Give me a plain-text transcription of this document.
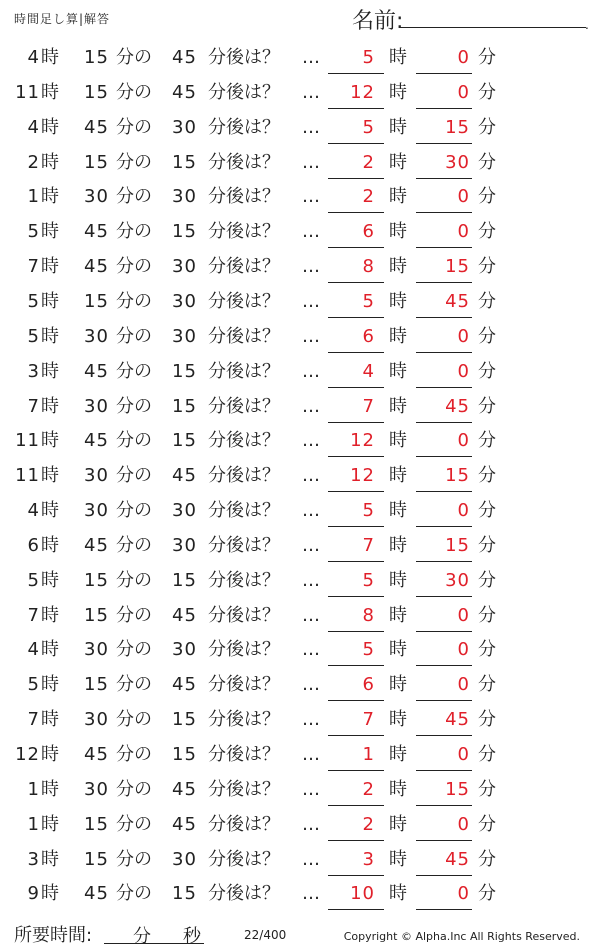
時間足し算|解答	名前:	.
4 時 15 分の 45 分後は？ … 5 時	0 分
11 時 15 分の 45 分後は？ … 12 時	0 分
4 時 45 分の 30 分後は？ … 5 時 15 分
2 時 15 分の 15 分後は？ … 2 時 30 分
1 時 30 分の 30 分後は？ … 2 時	0 分
5 時 45 分の 15 分後は？ … 6 時	0 分
7 時 45 分の 30 分後は？ … 8 時 15 分
5 時 15 分の 30 分後は？ … 5 時 45 分
5 時 30 分の 30 分後は？ … 6 時	0 分
3 時 45 分の 15 分後は？ … 4 時	0 分
7 時 30 分の 15 分後は？ … 7 時 45 分
11 時 45 分の 15 分後は？ … 12 時	0 分
11 時 30 分の 45 分後は？ … 12 時 15 分
4 時 30 分の 30 分後は？ … 5 時	0 分
6 時 45 分の 30 分後は？ … 7 時 15 分
5 時 15 分の 15 分後は？ … 5 時 30 分
7 時 15 分の 45 分後は？ … 8 時	0 分
4 時 30 分の 30 分後は？ … 5 時	0 分
5 時 15 分の 45 分後は？ … 6 時	0 分
7 時 30 分の 15 分後は？ … 7 時 45 分
12 時 45 分の 15 分後は？ … 1 時	0 分
1 時 30 分の 45 分後は？ … 2 時 15 分
1 時 15 分の 45 分後は？ … 2 時	0 分
3 時 15 分の 30 分後は？ … 3 時 45 分
9 時 45 分の 15 分後は？ … 10 時	0 分
所要時間: 分 秒	22/400	Copyright © Alpha.Inc All Rights Reserved.
